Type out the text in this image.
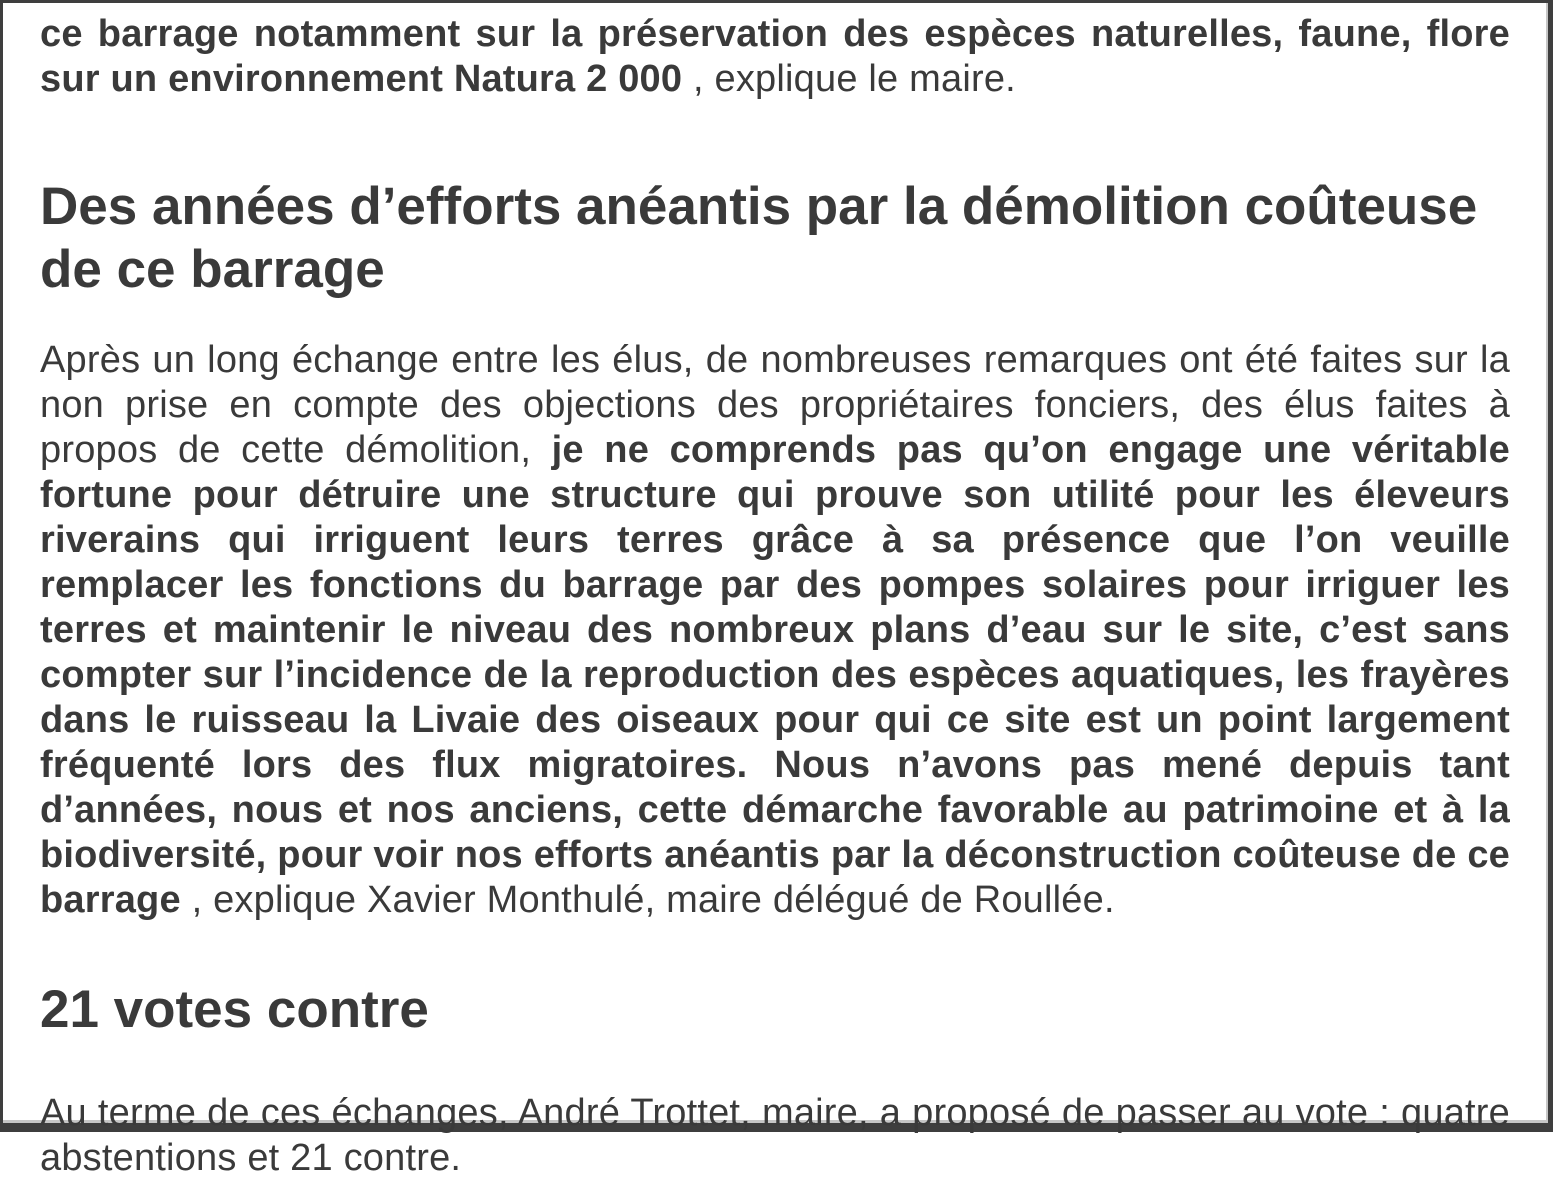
ce barrage notamment sur la préservation des espèces naturelles, faune, flore sur un environnement Natura 2 000 , explique le maire.

Des années d’efforts anéantis par la démolition coûteuse de ce barrage

Après un long échange entre les élus, de nombreuses remarques ont été faites sur la non prise en compte des objections des propriétaires fonciers, des élus faites à propos de cette démolition, je ne comprends pas qu’on engage une véritable fortune pour détruire une structure qui prouve son utilité pour les éleveurs riverains qui irriguent leurs terres grâce à sa présence que l’on veuille remplacer les fonctions du barrage par des pompes solaires pour irriguer les terres et maintenir le niveau des nombreux plans d’eau sur le site, c’est sans compter sur l’incidence de la reproduction des espèces aquatiques, les frayères dans le ruisseau la Livaie des oiseaux pour qui ce site est un point largement fréquenté lors des flux migratoires. Nous n’avons pas mené depuis tant d’années, nous et nos anciens, cette démarche favorable au patrimoine et à la biodiversité, pour voir nos efforts anéantis par la déconstruction coûteuse de ce barrage , explique Xavier Monthulé, maire délégué de Roullée.

21 votes contre

Au terme de ces échanges, André Trottet, maire, a proposé de passer au vote : quatre abstentions et 21 contre.
